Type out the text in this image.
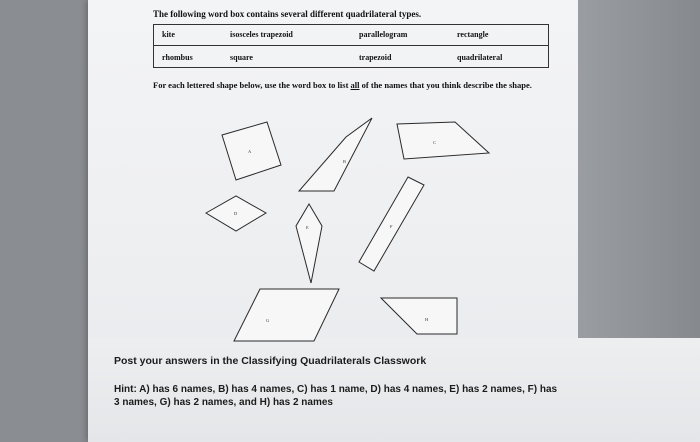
The following word box contains several different quadrilateral types.
kite	isosceles trapezoid	parallelogram	rectangle
rhombus	square	trapezoid	quadrilateral
For each lettered shape below, use the word box to list all of the names that you think describe the shape.
A
B
C
D
E	F
G	H
Post your answers in the Classifying Quadrilaterals Classwork
Hint: A) has 6 names, B) has 4 names, C) has 1 name, D) has 4 names, E) has 2 names, F) has 3 names, G) has 2 names, and H) has 2 names
